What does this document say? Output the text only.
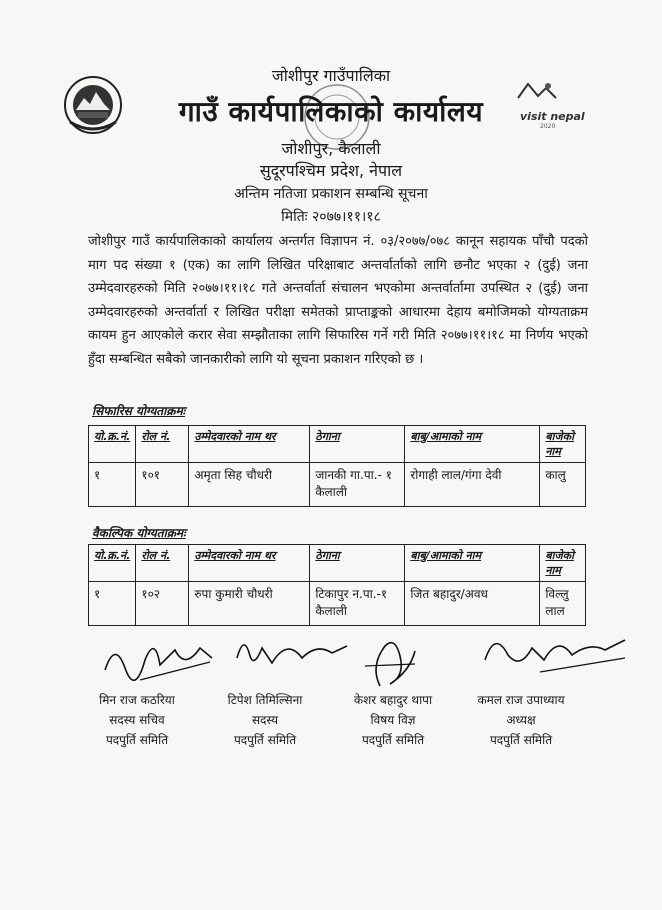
visit nepal
2020
जोशीपुर गाउँपालिका
गाउँ कार्यपालिकाको कार्यालय
जोशीपुर, कैलाली
सुदूरपश्चिम प्रदेश, नेपाल
अन्तिम नतिजा प्रकाशन सम्बन्धि सूचना
मितिः २०७७।११।१८
जोशीपुर गाउँ कार्यपालिकाको कार्यालय अन्तर्गत विज्ञापन नं. ०३/२०७७/०७८ कानून सहायक पाँचौ पदको माग पद संख्या १ (एक) का लागि लिखित परिक्षाबाट अन्तर्वार्ताको लागि छनौट भएका २ (दुई) जना उम्मेदवारहरुको मिति २०७७।११।१८ गते अन्तर्वार्ता संचालन भएकोमा अन्तर्वार्तामा उपस्थित २ (दुई) जना उम्मेदवारहरुको अन्तर्वार्ता र लिखित परीक्षा समेतको प्राप्ताङ्कको आधारमा देहाय बमोजिमको योग्यताक्रम कायम हुन आएकोले करार सेवा सम्झौताका लागि सिफारिस गर्ने गरी मिति २०७७।११।१८ मा निर्णय भएको हुँदा सम्बन्धित सबैको जानकारीको लागि यो सूचना प्रकाशन गरिएको छ ।
सिफारिस योग्यताक्रमः
यो.क्र.नं.	रोल नं.	उम्मेदवारको नाम थर	ठेगाना	बाबु/आमाको नाम	बाजेको नाम
१	१०१	अमृता सिह चौधरी	जानकी गा.पा.- १ कैलाली	रोगाही लाल/गंगा देवी	कालु
वैकल्पिक योग्यताक्रमः
यो.क्र.नं.	रोल नं.	उम्मेदवारको नाम थर	ठेगाना	बाबु/आमाको नाम	बाजेको नाम
१	१०२	रुपा कुमारी चौधरी	टिकापुर न.पा.-१ कैलाली	जित बहादुर/अवध	विल्लु लाल
मिन राज कठरिया
सदस्य सचिव
पदपुर्ति समिति
टिपेश तिमिल्सिना
सदस्य
पदपुर्ति समिति
केशर बहादुर थापा
विषय विज्ञ
पदपुर्ति समिति
कमल राज उपाध्याय
अध्यक्ष
पदपुर्ति समिति
